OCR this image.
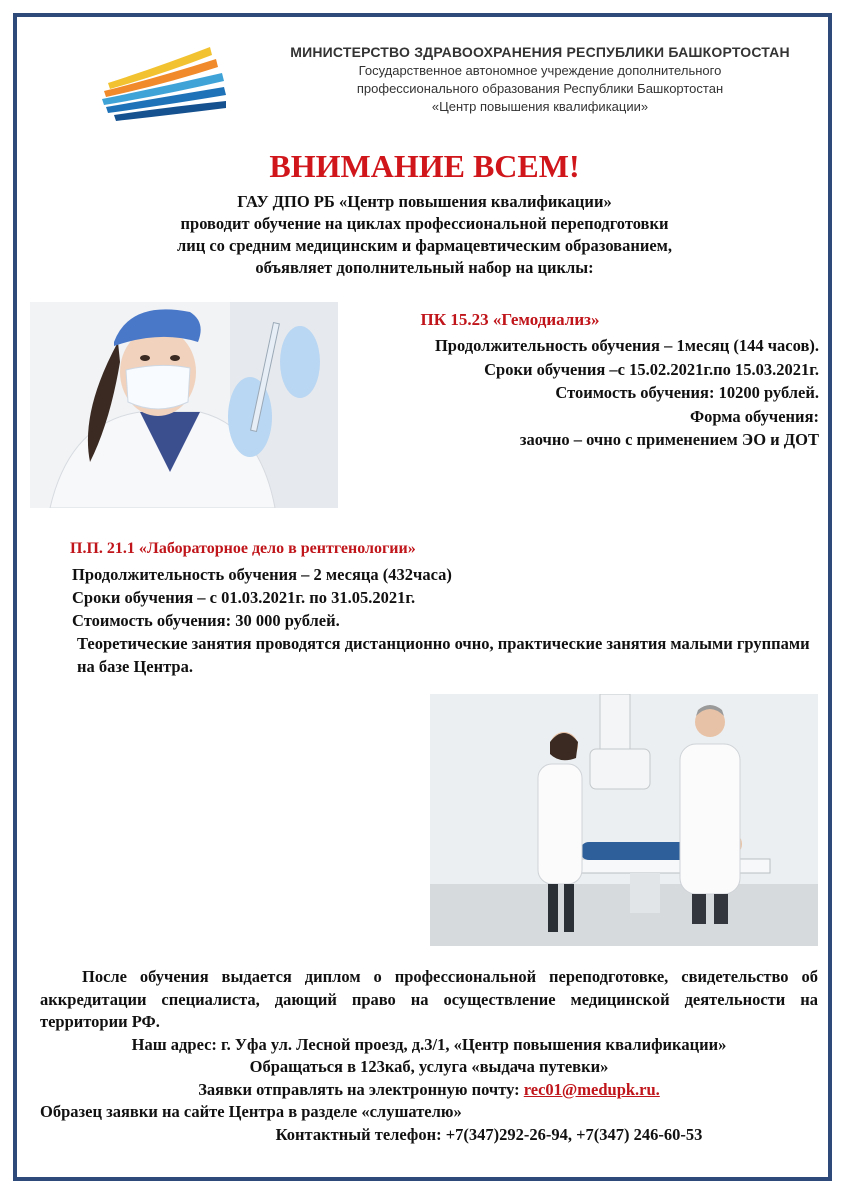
МИНИСТЕРСТВО ЗДРАВООХРАНЕНИЯ РЕСПУБЛИКИ БАШКОРТОСТАН
Государственное автономное учреждение дополнительного
профессионального образования Республики Башкортостан
«Центр повышения квалификации»
ВНИМАНИЕ ВСЕМ!
ГАУ ДПО РБ «Центр повышения квалификации»
проводит обучение на циклах профессиональной переподготовки
лиц со средним медицинским и фармацевтическим образованием,
объявляет дополнительный набор на циклы:
ПК 15.23 «Гемодиализ»
Продолжительность обучения – 1месяц (144 часов).
Сроки обучения –с 15.02.2021г.по 15.03.2021г.
Стоимость обучения: 10200 рублей.
Форма обучения:
заочно – очно с применением ЭО и ДОТ
П.П. 21.1 «Лабораторное дело в рентгенологии»
Продолжительность обучения – 2 месяца (432часа)
Сроки обучения – с 01.03.2021г. по 31.05.2021г.
Стоимость обучения: 30 000 рублей.
Теоретические занятия проводятся дистанционно очно, практические занятия малыми группами на базе Центра.
После обучения выдается диплом о профессиональной переподготовке, свидетельство об аккредитации специалиста, дающий право на осуществление медицинской деятельности на территории РФ.
Наш адрес: г. Уфа ул. Лесной проезд, д.3/1, «Центр повышения квалификации»
Обращаться в 123каб, услуга «выдача путевки»
Заявки отправлять на электронную почту: rec01@medupk.ru.
Образец заявки на сайте Центра в разделе «слушателю»
Контактный телефон: +7(347)292-26-94, +7(347) 246-60-53
